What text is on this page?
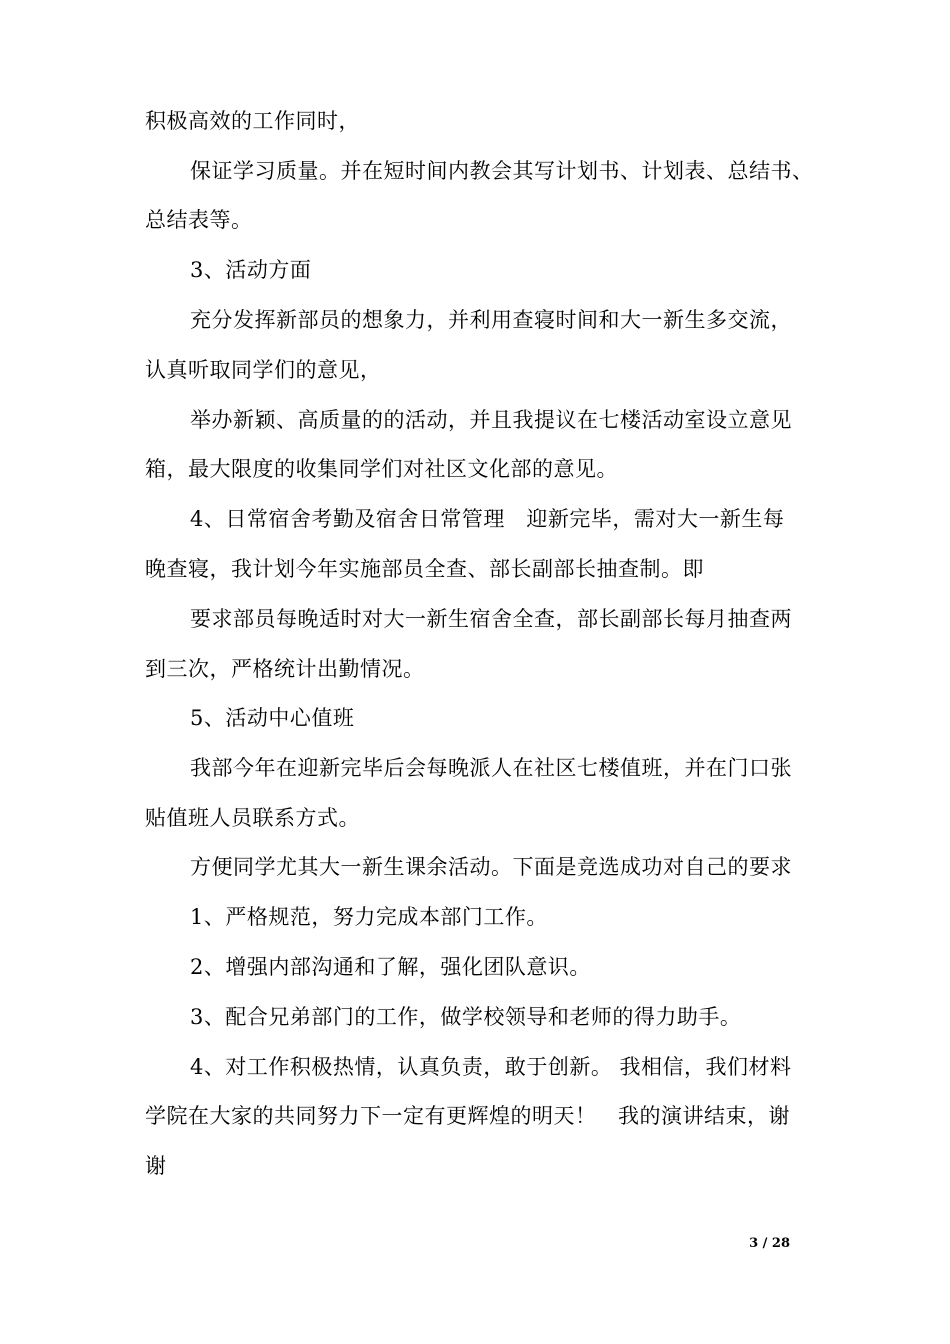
积极高效的工作同时，
保证学习质量。并在短时间内教会其写计划书、计划表、总结书、
总结表等。
3、活动方面
充分发挥新部员的想象力，并利用查寝时间和大一新生多交流，
认真听取同学们的意见，
举办新颖、高质量的的活动，并且我提议在七楼活动室设立意见
箱，最大限度的收集同学们对社区文化部的意见。
4、日常宿舍考勤及宿舍日常管理　迎新完毕，需对大一新生每
晚查寝，我计划今年实施部员全查、部长副部长抽查制。即
要求部员每晚适时对大一新生宿舍全查，部长副部长每月抽查两
到三次，严格统计出勤情况。
5、活动中心值班
我部今年在迎新完毕后会每晚派人在社区七楼值班，并在门口张
贴值班人员联系方式。
方便同学尤其大一新生课余活动。下面是竞选成功对自己的要求
1、严格规范，努力完成本部门工作。
2、增强内部沟通和了解，强化团队意识。
3、配合兄弟部门的工作，做学校领导和老师的得力助手。
4、对工作积极热情，认真负责，敢于创新。 我相信，我们材料
学院在大家的共同努力下一定有更辉煌的明天！　我的演讲结束，谢
谢
3 / 28
